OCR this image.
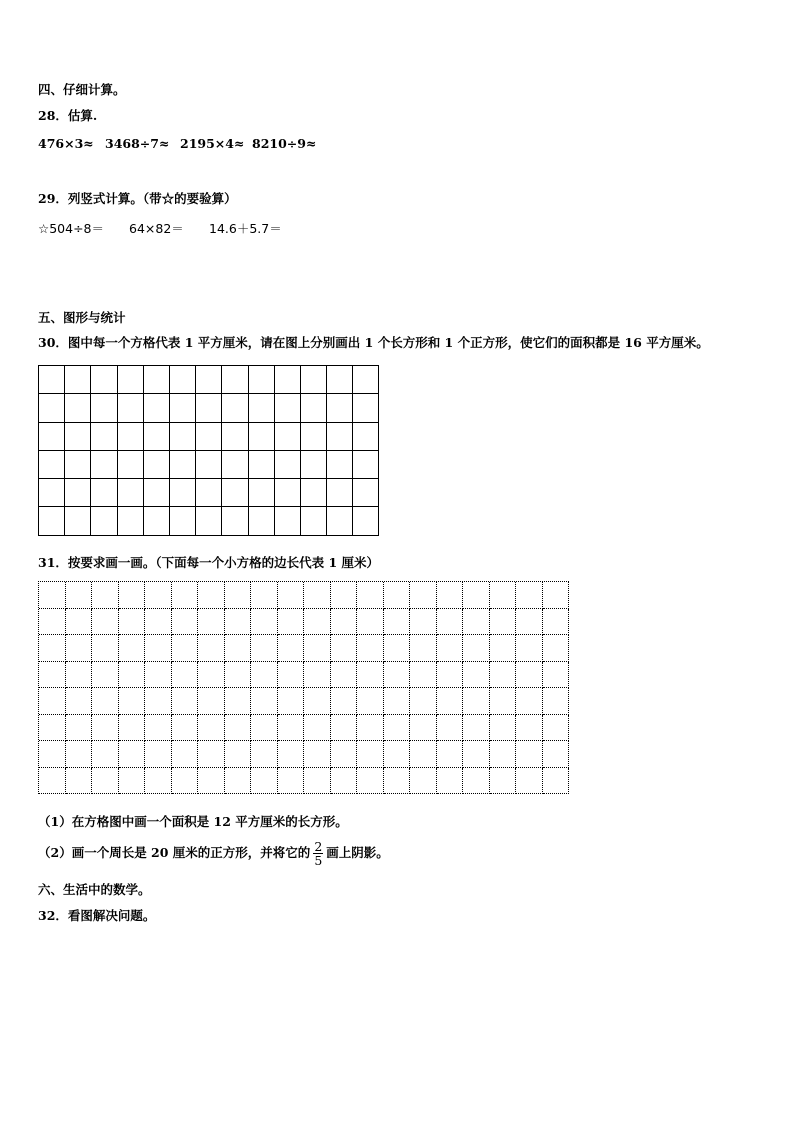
四、仔细计算。
28．估算.
476×3≈ 3468÷7≈ 2195×4≈ 8210÷9≈
29．列竖式计算。（带☆的要验算）
☆504÷8＝ 64×82＝ 14.6＋5.7＝
五、图形与统计
30．图中每一个方格代表 1 平方厘米，请在图上分别画出 1 个长方形和 1 个正方形，使它们的面积都是 16 平方厘米。
31．按要求画一画。（下面每一个小方格的边长代表 1 厘米）
（1）在方格图中画一个面积是 12 平方厘米的长方形。
（2）画一个周长是 20 厘米的正方形，并将它的 $\frac{2}{5}$ 画上阴影。
六、生活中的数学。
32．看图解决问题。
